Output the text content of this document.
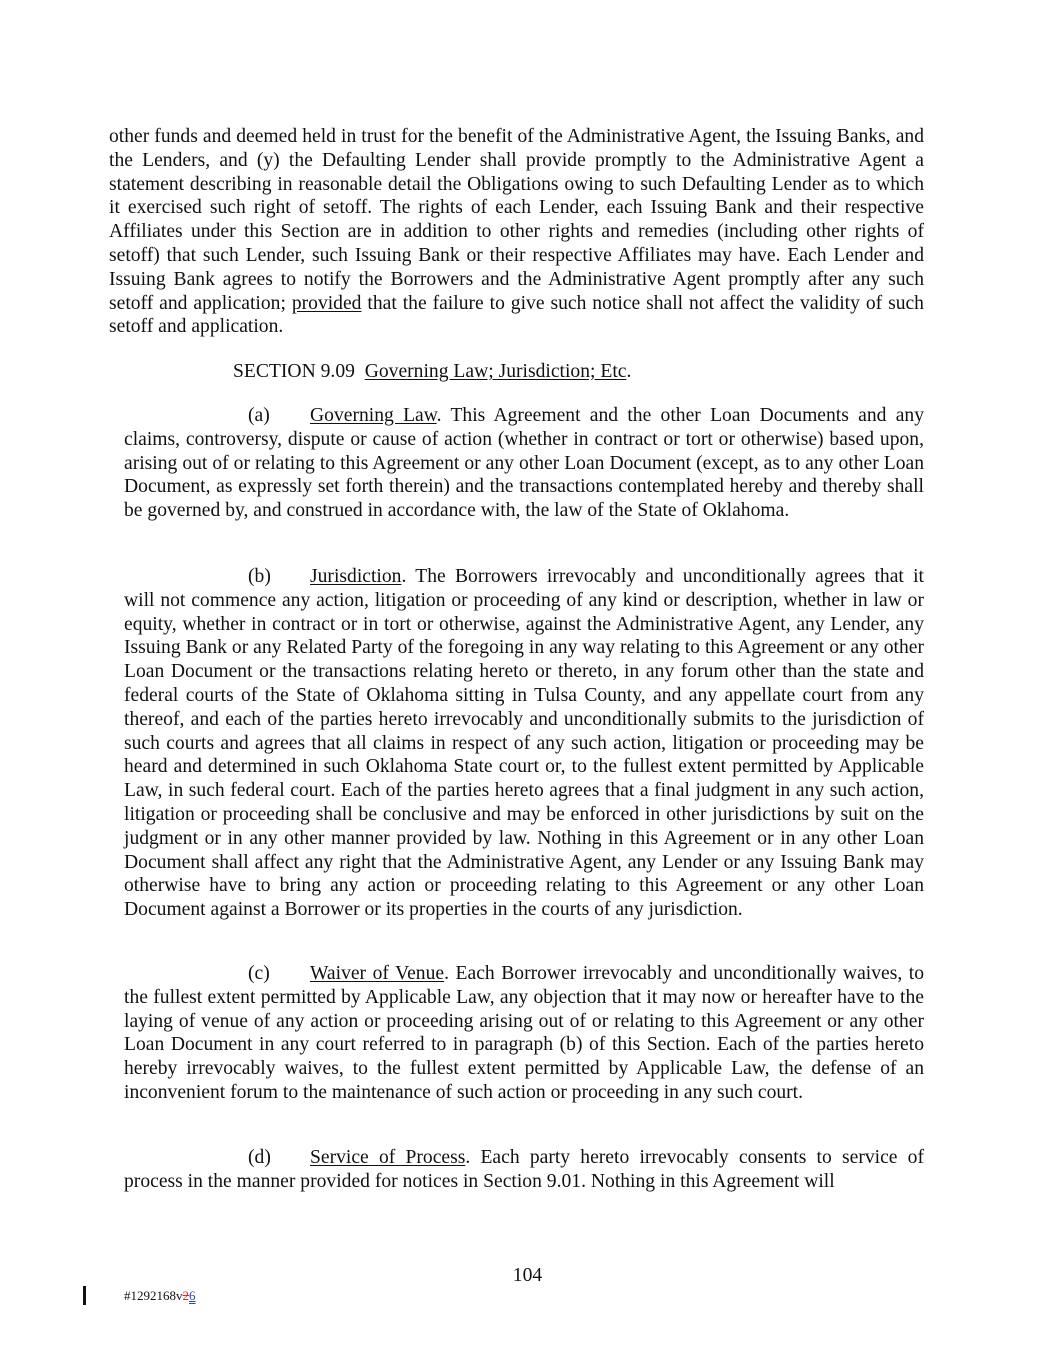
other funds and deemed held in trust for the benefit of the Administrative Agent, the Issuing Banks, and the Lenders, and (y) the Defaulting Lender shall provide promptly to the Administrative Agent a statement describing in reasonable detail the Obligations owing to such Defaulting Lender as to which it exercised such right of setoff. The rights of each Lender, each Issuing Bank and their respective Affiliates under this Section are in addition to other rights and remedies (including other rights of setoff) that such Lender, such Issuing Bank or their respective Affiliates may have. Each Lender and Issuing Bank agrees to notify the Borrowers and the Administrative Agent promptly after any such setoff and application; provided that the failure to give such notice shall not affect the validity of such setoff and application.

SECTION 9.09 Governing Law; Jurisdiction; Etc.

(a) Governing Law. This Agreement and the other Loan Documents and any claims, controversy, dispute or cause of action (whether in contract or tort or otherwise) based upon, arising out of or relating to this Agreement or any other Loan Document (except, as to any other Loan Document, as expressly set forth therein) and the transactions contemplated hereby and thereby shall be governed by, and construed in accordance with, the law of the State of Oklahoma.

(b) Jurisdiction. The Borrowers irrevocably and unconditionally agrees that it will not commence any action, litigation or proceeding of any kind or description, whether in law or equity, whether in contract or in tort or otherwise, against the Administrative Agent, any Lender, any Issuing Bank or any Related Party of the foregoing in any way relating to this Agreement or any other Loan Document or the transactions relating hereto or thereto, in any forum other than the state and federal courts of the State of Oklahoma sitting in Tulsa County, and any appellate court from any thereof, and each of the parties hereto irrevocably and unconditionally submits to the jurisdiction of such courts and agrees that all claims in respect of any such action, litigation or proceeding may be heard and determined in such Oklahoma State court or, to the fullest extent permitted by Applicable Law, in such federal court. Each of the parties hereto agrees that a final judgment in any such action, litigation or proceeding shall be conclusive and may be enforced in other jurisdictions by suit on the judgment or in any other manner provided by law. Nothing in this Agreement or in any other Loan Document shall affect any right that the Administrative Agent, any Lender or any Issuing Bank may otherwise have to bring any action or proceeding relating to this Agreement or any other Loan Document against a Borrower or its properties in the courts of any jurisdiction.

(c) Waiver of Venue. Each Borrower irrevocably and unconditionally waives, to the fullest extent permitted by Applicable Law, any objection that it may now or hereafter have to the laying of venue of any action or proceeding arising out of or relating to this Agreement or any other Loan Document in any court referred to in paragraph (b) of this Section. Each of the parties hereto hereby irrevocably waives, to the fullest extent permitted by Applicable Law, the defense of an inconvenient forum to the maintenance of such action or proceeding in any such court.

(d) Service of Process. Each party hereto irrevocably consents to service of process in the manner provided for notices in Section 9.01. Nothing in this Agreement will

104
#1292168v26
